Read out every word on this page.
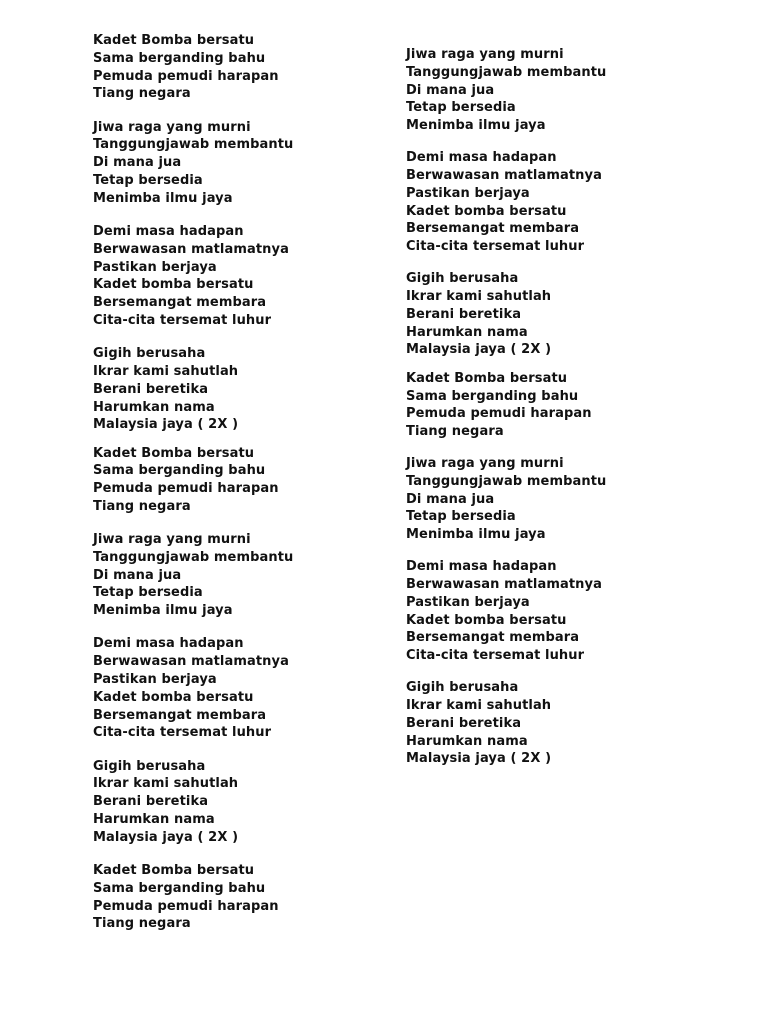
Kadet Bomba bersatu
Sama berganding bahu
Pemuda pemudi harapan
Tiang negara
Jiwa raga yang murni
Tanggungjawab membantu
Di mana jua
Tetap bersedia
Menimba ilmu jaya
Demi masa hadapan
Berwawasan matlamatnya
Pastikan berjaya
Kadet bomba bersatu
Bersemangat membara
Cita-cita tersemat luhur
Gigih berusaha
Ikrar kami sahutlah
Berani beretika
Harumkan nama
Malaysia jaya ( 2X )
Kadet Bomba bersatu
Sama berganding bahu
Pemuda pemudi harapan
Tiang negara
Jiwa raga yang murni
Tanggungjawab membantu
Di mana jua
Tetap bersedia
Menimba ilmu jaya
Demi masa hadapan
Berwawasan matlamatnya
Pastikan berjaya
Kadet bomba bersatu
Bersemangat membara
Cita-cita tersemat luhur
Gigih berusaha
Ikrar kami sahutlah
Berani beretika
Harumkan nama
Malaysia jaya ( 2X )
Kadet Bomba bersatu
Sama berganding bahu
Pemuda pemudi harapan
Tiang negara
Jiwa raga yang murni
Tanggungjawab membantu
Di mana jua
Tetap bersedia
Menimba ilmu jaya
Demi masa hadapan
Berwawasan matlamatnya
Pastikan berjaya
Kadet bomba bersatu
Bersemangat membara
Cita-cita tersemat luhur
Gigih berusaha
Ikrar kami sahutlah
Berani beretika
Harumkan nama
Malaysia jaya ( 2X )
Kadet Bomba bersatu
Sama berganding bahu
Pemuda pemudi harapan
Tiang negara
Jiwa raga yang murni
Tanggungjawab membantu
Di mana jua
Tetap bersedia
Menimba ilmu jaya
Demi masa hadapan
Berwawasan matlamatnya
Pastikan berjaya
Kadet bomba bersatu
Bersemangat membara
Cita-cita tersemat luhur
Gigih berusaha
Ikrar kami sahutlah
Berani beretika
Harumkan nama
Malaysia jaya ( 2X )
